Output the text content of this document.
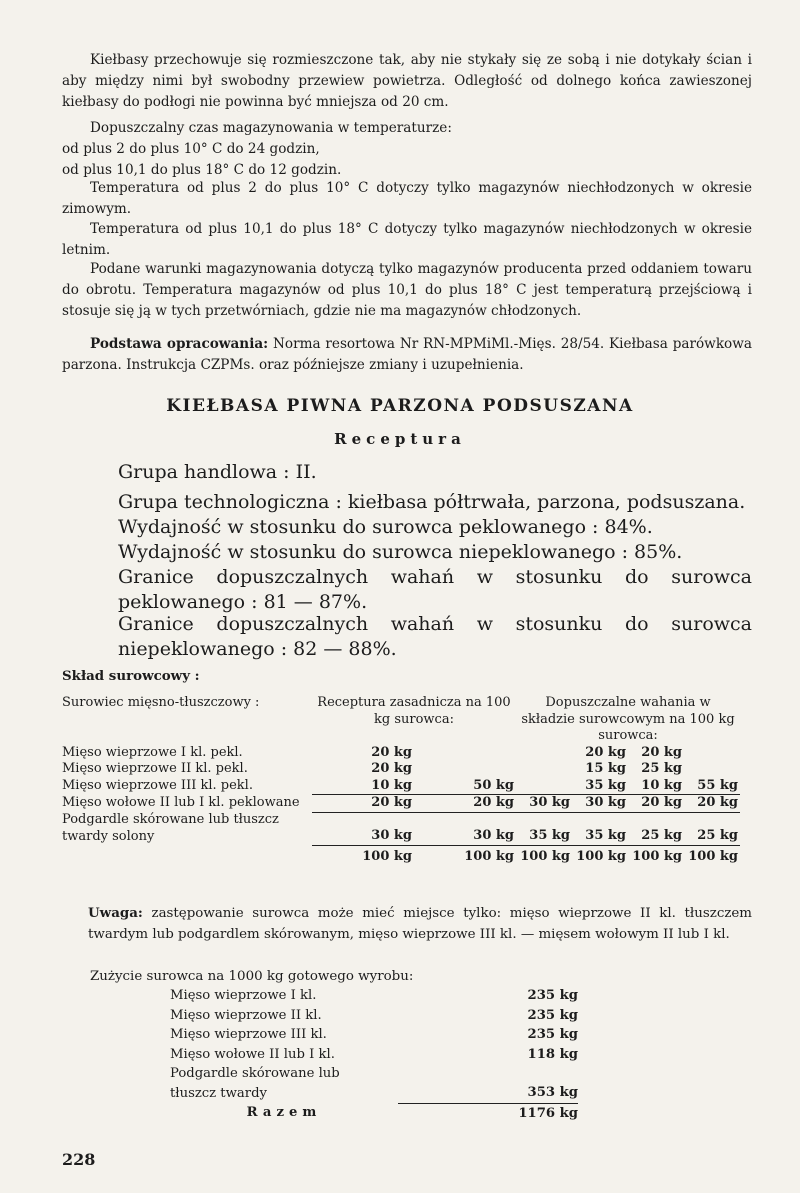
Kiełbasy przechowuje się rozmieszczone tak, aby nie stykały się ze sobą i nie dotykały ścian i aby między nimi był swobodny przewiew powietrza. Odległość od dolnego końca zawieszonej kiełbasy do podłogi nie powinna być mniejsza od 20 cm.

Dopuszczalny czas magazynowania w temperaturze:
od plus 2 do plus 10° C do 24 godzin,
od plus 10,1 do plus 18° C do 12 godzin.

Temperatura od plus 2 do plus 10° C dotyczy tylko magazynów niechłodzonych w okresie zimowym.

Temperatura od plus 10,1 do plus 18° C dotyczy tylko magazynów niechłodzonych w okresie letnim.

Podane warunki magazynowania dotyczą tylko magazynów producenta przed oddaniem towaru do obrotu. Temperatura magazynów od plus 10,1 do plus 18° C jest temperaturą przejściową i stosuje się ją w tych przetwórniach, gdzie nie ma magazynów chłodzonych.

Podstawa opracowania: Norma resortowa Nr RN-MPMiMl.-Mięs. 28/54. Kiełbasa parówkowa parzona. Instrukcja CZPMs. oraz późniejsze zmiany i uzupełnienia.

KIEŁBASA PIWNA PARZONA PODSUSZANA
Receptura

Grupa handlowa : II.

Grupa technologiczna : kiełbasa półtrwała, parzona, podsuszana.

Wydajność w stosunku do surowca peklowanego : 84%.

Wydajność w stosunku do surowca niepeklowanego : 85%.

Granice dopuszczalnych wahań w stosunku do surowca peklowanego : 81 — 87%.

Granice dopuszczalnych wahań w stosunku do surowca niepeklowanego : 82 — 88%.

Skład surowcowy :
Surowiec mięsno-tłuszczowy :	Receptura zasadnicza na 100 kg surowca:		Dopuszczalne wahania w składzie surowcowym na 100 kg surowca:			
Mięso wieprzowe I kl. pekl.	20 kg			20 kg	20 kg	
Mięso wieprzowe II kl. pekl.	20 kg			15 kg	25 kg	
Mięso wieprzowe III kl. pekl.	10 kg	50 kg		35 kg	10 kg	55 kg
Mięso wołowe II lub I kl. peklowane	20 kg	20 kg	30 kg	30 kg	20 kg	20 kg
Podgardle skórowane lub tłuszcz twardy solony	30 kg	30 kg	35 kg	35 kg	25 kg	25 kg
	100 kg	100 kg	100 kg	100 kg	100 kg	100 kg

Uwaga: zastępowanie surowca może mieć miejsce tylko: mięso wieprzowe II kl. tłuszczem twardym lub podgardlem skórowanym, mięso wieprzowe III kl. — mięsem wołowym II lub I kl.

Zużycie surowca na 1000 kg gotowego wyrobu:
Mięso wieprzowe I kl.	235 kg
Mięso wieprzowe II kl.	235 kg
Mięso wieprzowe III kl.	235 kg
Mięso wołowe II lub I kl.	118 kg
Podgardle skórowane lub tłuszcz twardy	353 kg
Razem	1176 kg
228
